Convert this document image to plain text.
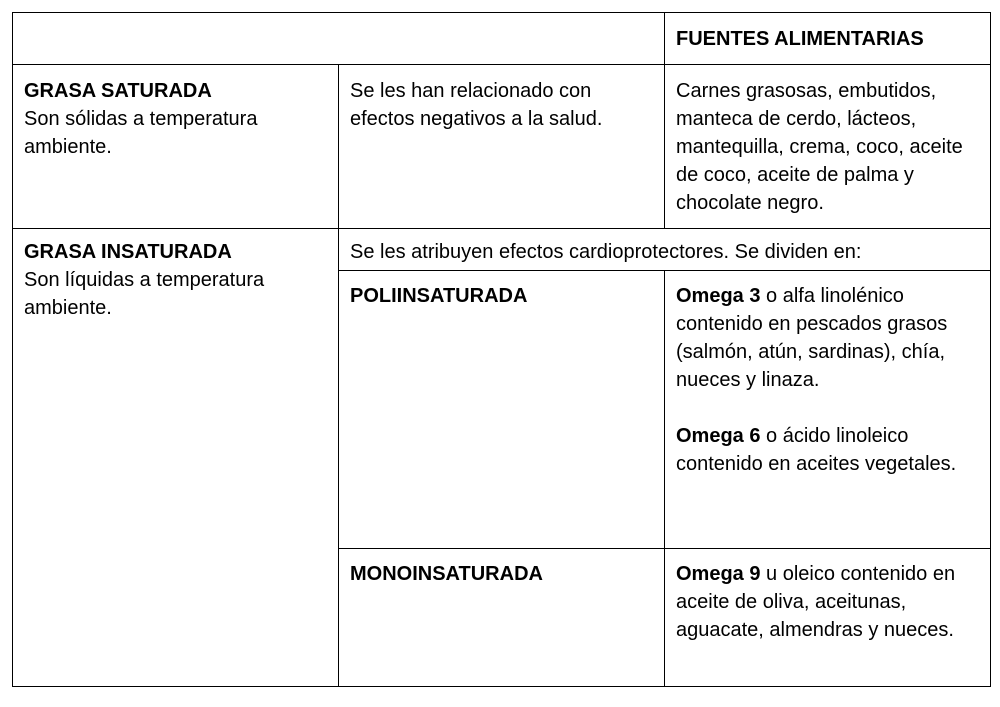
		FUENTES ALIMENTARIAS

GRASA SATURADA
Son sólidas a temperatura ambiente.	Se les han relacionado con efectos negativos a la salud.	Carnes grasosas, embutidos, manteca de cerdo, lácteos, mantequilla, crema, coco, aceite de coco, aceite de palma y chocolate negro.

GRASA INSATURADA
Son líquidas a temperatura ambiente.	Se les atribuyen efectos cardioprotectores. Se dividen en:	

	POLIINSATURADA	Omega 3 o alfa linolénico contenido en pescados grasos (salmón, atún, sardinas), chía, nueces y linaza.
Omega 6 o ácido linoleico contenido en aceites vegetales.

	MONOINSATURADA	Omega 9 u oleico contenido en aceite de oliva, aceitunas, aguacate, almendras y nueces.
